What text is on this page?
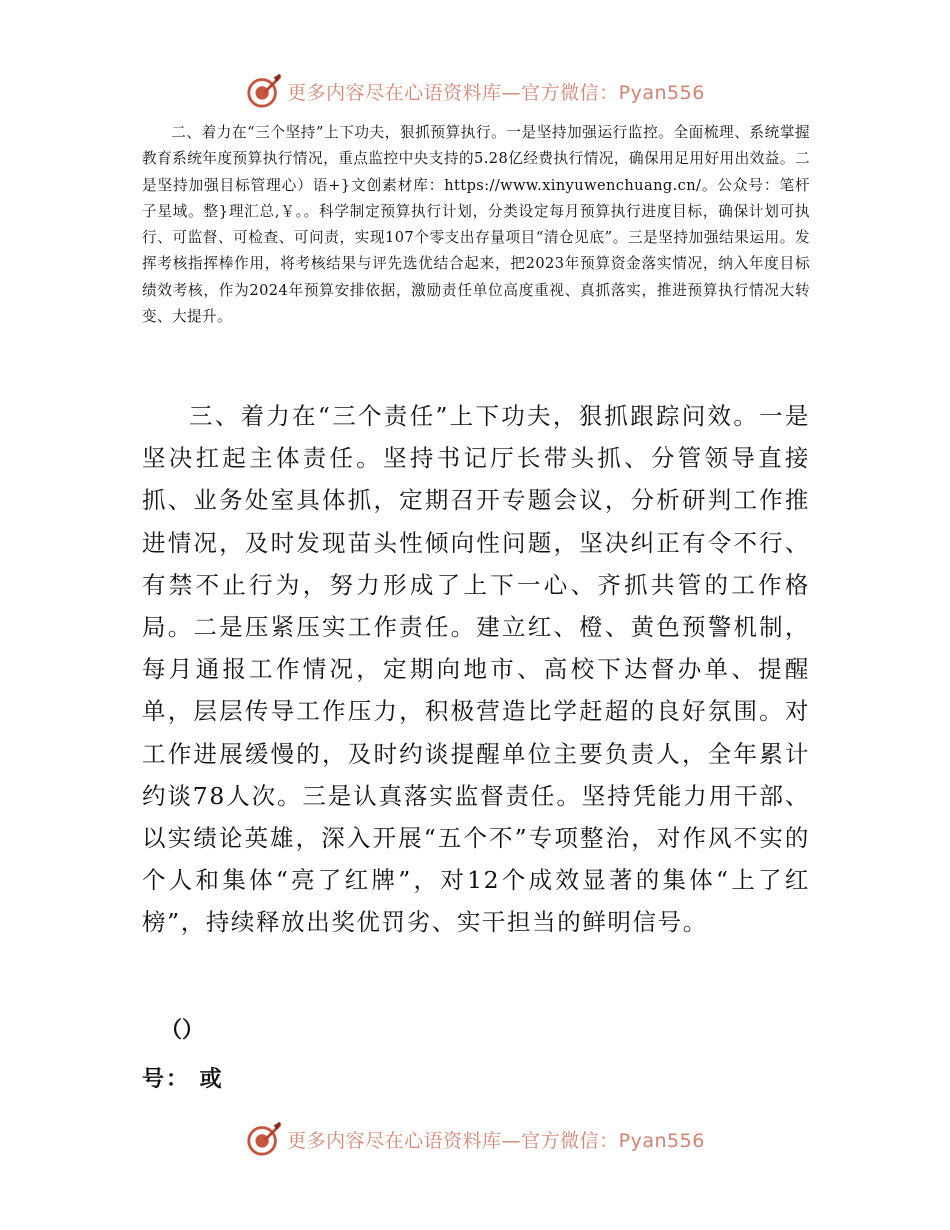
更多内容尽在心语资料库—官方微信：Pyan556

二、着力在“三个坚持”上下功夫，狠抓预算执行。一是坚持加强运行监控。全面梳理、系统掌握教育系统年度预算执行情况，重点监控中央支持的5.28亿经费执行情况，确保用足用好用出效益。二是坚持加强目标管理心）语+}文创素材库：https://www.xinyuwenchuang.cn/。公众号：笔杆子星域。整}理汇总,￥。。科学制定预算执行计划，分类设定每月预算执行进度目标，确保计划可执行、可监督、可检查、可问责，实现107个零支出存量项目“清仓见底”。三是坚持加强结果运用。发挥考核指挥棒作用，将考核结果与评先选优结合起来，把2023年预算资金落实情况，纳入年度目标绩效考核，作为2024年预算安排依据，激励责任单位高度重视、真抓落实，推进预算执行情况大转变、大提升。

三、着力在“三个责任”上下功夫，狠抓跟踪问效。一是坚决扛起主体责任。坚持书记厅长带头抓、分管领导直接抓、业务处室具体抓，定期召开专题会议，分析研判工作推进情况，及时发现苗头性倾向性问题，坚决纠正有令不行、有禁不止行为，努力形成了上下一心、齐抓共管的工作格局。二是压紧压实工作责任。建立红、橙、黄色预警机制，每月通报工作情况，定期向地市、高校下达督办单、提醒单，层层传导工作压力，积极营造比学赶超的良好氛围。对工作进展缓慢的，及时约谈提醒单位主要负责人，全年累计约谈78人次。三是认真落实监督责任。坚持凭能力用干部、以实绩论英雄，深入开展“五个不”专项整治，对作风不实的个人和集体“亮了红牌”，对12个成效显著的集体“上了红榜”，持续释放出奖优罚劣、实干担当的鲜明信号。

（）

号： 或

更多内容尽在心语资料库—官方微信：Pyan556
